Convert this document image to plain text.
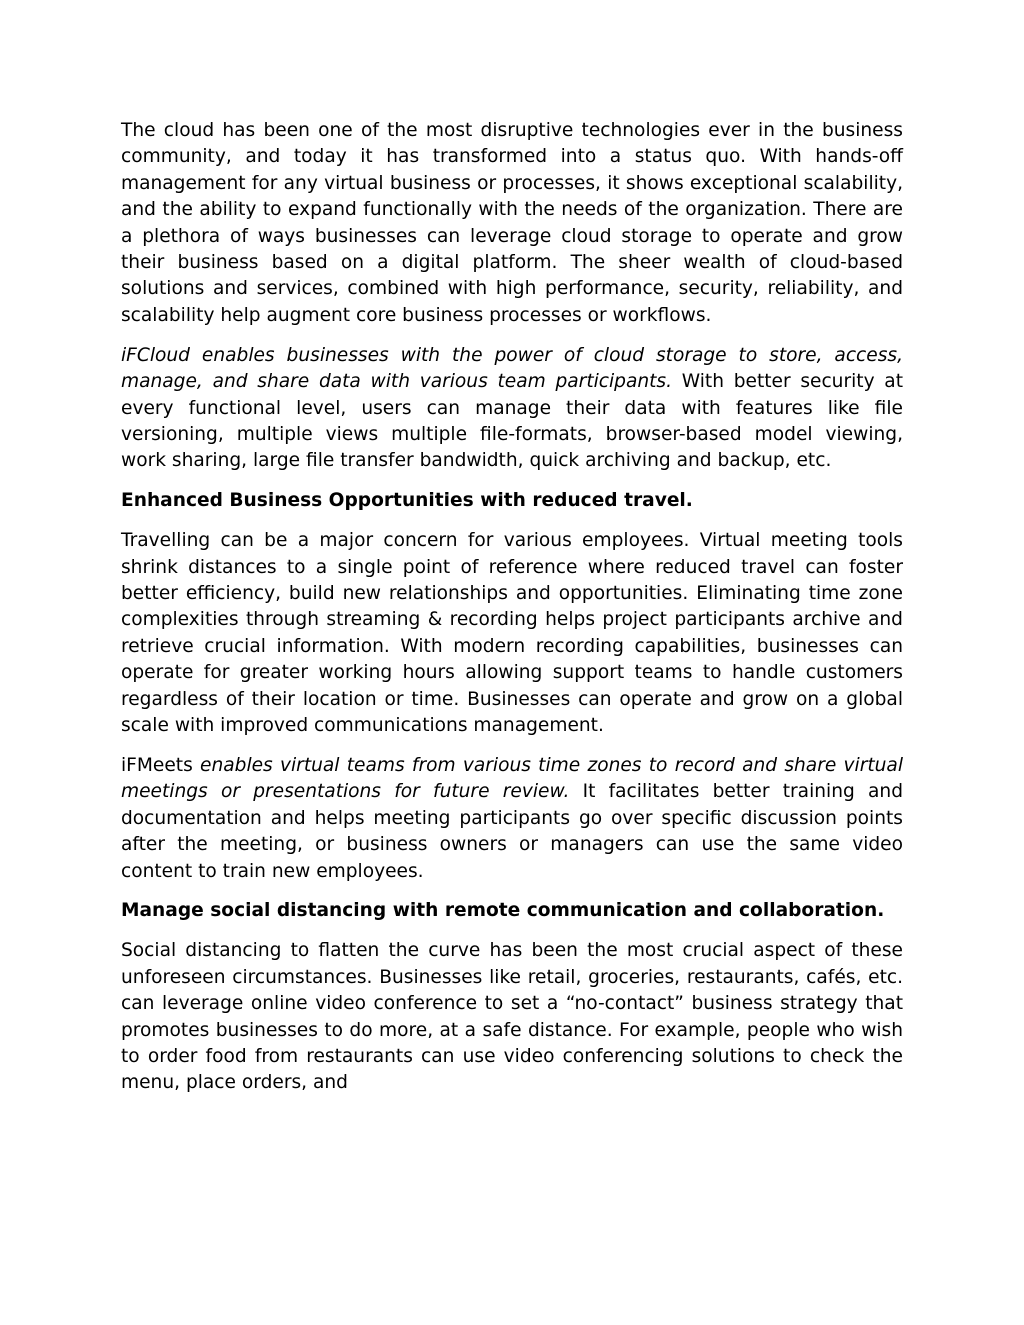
The cloud has been one of the most disruptive technologies ever in the business community, and today it has transformed into a status quo. With hands-off management for any virtual business or processes, it shows exceptional scalability, and the ability to expand functionally with the needs of the organization. There are a plethora of ways businesses can leverage cloud storage to operate and grow their business based on a digital platform. The sheer wealth of cloud-based solutions and services, combined with high performance, security, reliability, and scalability help augment core business processes or workflows.

iFCloud enables businesses with the power of cloud storage to store, access, manage, and share data with various team participants. With better security at every functional level, users can manage their data with features like file versioning, multiple views multiple file-formats, browser-based model viewing, work sharing, large file transfer bandwidth, quick archiving and backup, etc.

Enhanced Business Opportunities with reduced travel.

Travelling can be a major concern for various employees. Virtual meeting tools shrink distances to a single point of reference where reduced travel can foster better efficiency, build new relationships and opportunities. Eliminating time zone complexities through streaming & recording helps project participants archive and retrieve crucial information. With modern recording capabilities, businesses can operate for greater working hours allowing support teams to handle customers regardless of their location or time. Businesses can operate and grow on a global scale with improved communications management.

iFMeets enables virtual teams from various time zones to record and share virtual meetings or presentations for future review. It facilitates better training and documentation and helps meeting participants go over specific discussion points after the meeting, or business owners or managers can use the same video content to train new employees.

Manage social distancing with remote communication and collaboration.

Social distancing to flatten the curve has been the most crucial aspect of these unforeseen circumstances. Businesses like retail, groceries, restaurants, cafés, etc. can leverage online video conference to set a “no-contact” business strategy that promotes businesses to do more, at a safe distance. For example, people who wish to order food from restaurants can use video conferencing solutions to check the menu, place orders, and
